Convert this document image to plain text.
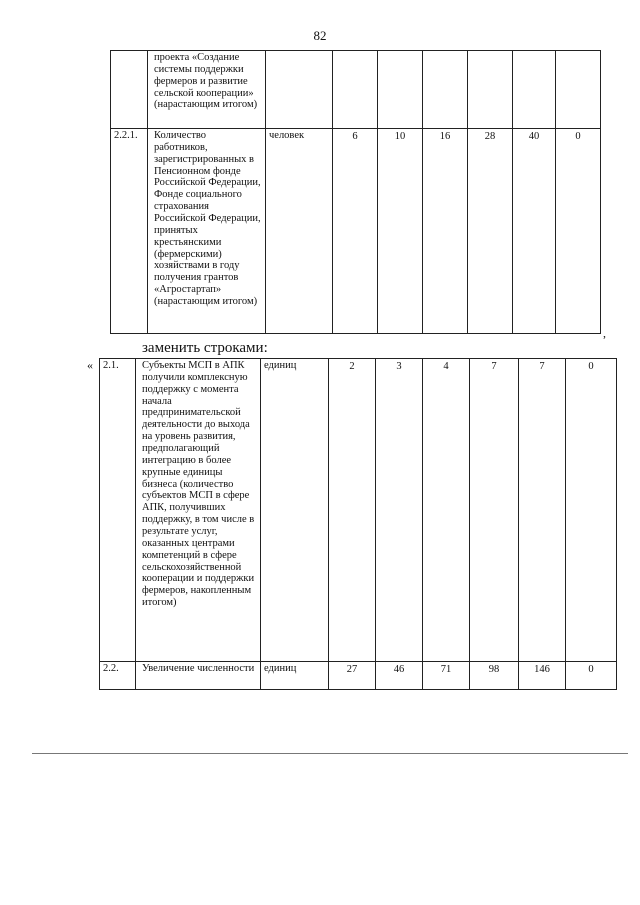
82
	проекта «Создание системы поддержки фермеров и развитие сельской кооперации» (нарастающим итогом)							
2.2.1.	Количество работников, зарегистрированных в Пенсионном фонде Российской Федерации, Фонде социального страхования Российской Федерации, принятых крестьянскими (фермерскими) хозяйствами в году получения грантов «Агростартап» (нарастающим итогом)	человек	6	10	16	28	40	0
,
заменить строками:
« 2.1.	Субъекты МСП в АПК получили комплексную поддержку с момента начала предпринимательской деятельности до выхода на уровень развития, предполагающий интеграцию в более крупные единицы бизнеса (количество субъектов МСП в сфере АПК, получивших поддержку, в том числе в результате услуг, оказанных центрами компетенций в сфере сельскохозяйственной кооперации и поддержки фермеров, накопленным итогом)	единиц	2	3	4	7	7	0
2.2.	Увеличение численности	единиц	27	46	71	98	146	0
